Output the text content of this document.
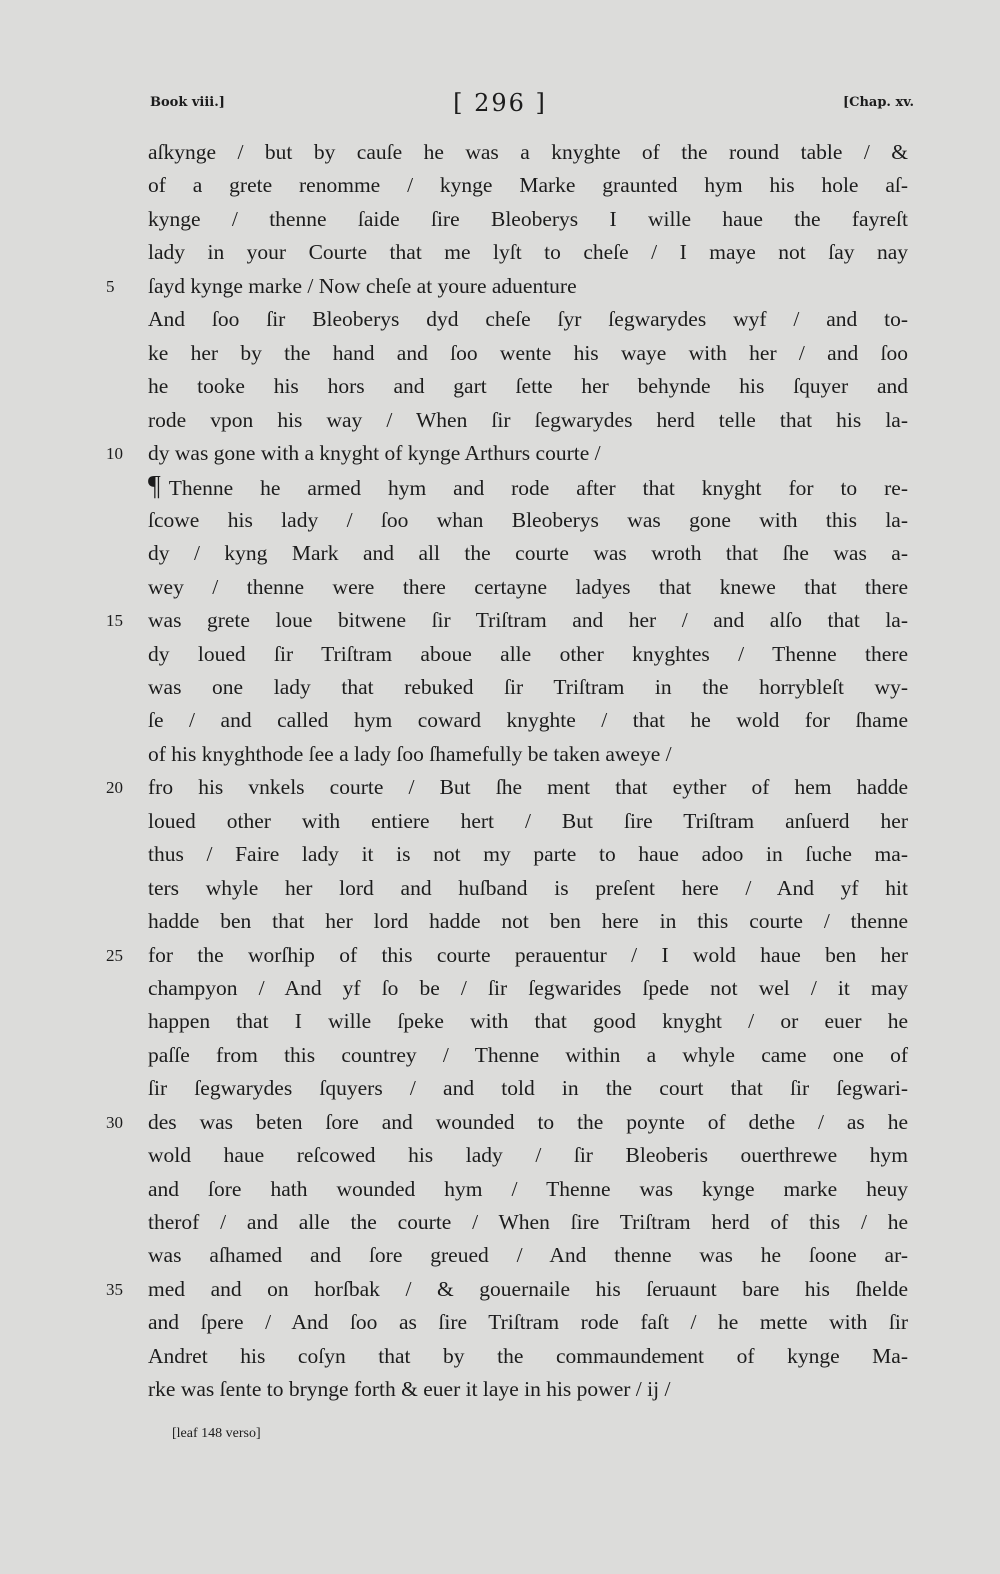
Book viii.]	[ 296 ]	[Chap. xv.
aſkynge / but by cauſe he was a knyghte of the round table / &
of a grete renomme / kynge Marke graunted hym his hole aſ-
kynge / thenne ſaide ſire Bleoberys I wille haue the fayreſt
lady in your Courte that me lyſt to cheſe / I maye not ſay nay
5	ſayd kynge marke / Now cheſe at youre aduenture
And ſoo ſir Bleoberys dyd cheſe ſyr ſegwarydes wyf / and to-
ke her by the hand and ſoo wente his waye with her / and ſoo
he tooke his hors and gart ſette her behynde his ſquyer and
rode vpon his way / When ſir ſegwarydes herd telle that his la-
10	dy was gone with a knyght of kynge Arthurs courte /
¶ Thenne he armed hym and rode after that knyght for to re-
ſcowe his lady / ſoo whan Bleoberys was gone with this la-
dy / kyng Mark and all the courte was wroth that ſhe was a-
wey / thenne were there certayne ladyes that knewe that there
15	was grete loue bitwene ſir Triſtram and her / and alſo that la-
dy loued ſir Triſtram aboue alle other knyghtes / Thenne there
was one lady that rebuked ſir Triſtram in the horrybleſt wy-
ſe / and called hym coward knyghte / that he wold for ſhame
of his knyghthode ſee a lady ſoo ſhamefully be taken aweye /
20	fro his vnkels courte / But ſhe ment that eyther of hem hadde
loued other with entiere hert / But ſire Triſtram anſuerd her
thus / Faire lady it is not my parte to haue adoo in ſuche ma-
ters whyle her lord and huſband is preſent here / And yf hit
hadde ben that her lord hadde not ben here in this courte / thenne
25	for the worſhip of this courte perauentur / I wold haue ben her
champyon / And yf ſo be / ſir ſegwarides ſpede not wel / it may
happen that I wille ſpeke with that good knyght / or euer he
paſſe from this countrey / Thenne within a whyle came one of
ſir ſegwarydes ſquyers / and told in the court that ſir ſegwari-
30	des was beten ſore and wounded to the poynte of dethe / as he
wold haue reſcowed his lady / ſir Bleoberis ouerthrewe hym
and ſore hath wounded hym / Thenne was kynge marke heuy
therof / and alle the courte / When ſire Triſtram herd of this / he
was aſhamed and ſore greued / And thenne was he ſoone ar-
35	med and on horſbak / & gouernaile his ſeruaunt bare his ſhelde
and ſpere / And ſoo as ſire Triſtram rode faſt / he mette with ſir
Andret his coſyn that by the commaundement of kynge Ma-
rke was ſente to brynge forth & euer it laye in his power / ij /
[leaf 148 verso]
